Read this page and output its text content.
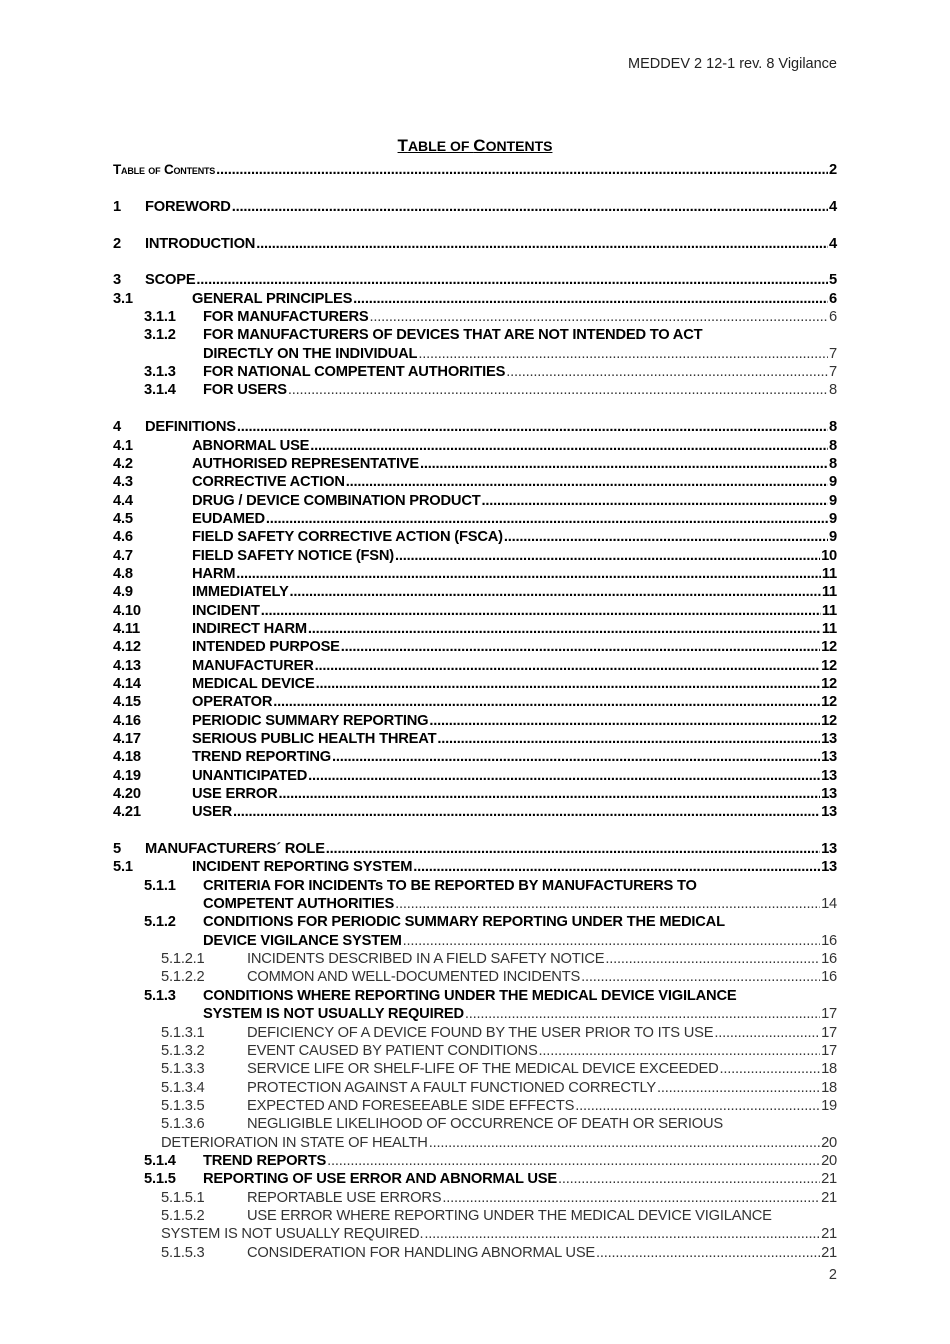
MEDDEV 2 12-1 rev. 8 Vigilance
TABLE OF CONTENTS
Table of Contents .....	2
1	FOREWORD .....	4
2	INTRODUCTION .....	4
3	SCOPE .....	5
3.1	GENERAL PRINCIPLES .....	6
3.1.1	FOR MANUFACTURERS .....	6
3.1.2	FOR MANUFACTURERS OF DEVICES THAT ARE NOT INTENDED TO ACT
DIRECTLY ON THE INDIVIDUAL .....	7
3.1.3	FOR NATIONAL COMPETENT AUTHORITIES .....	7
3.1.4	FOR USERS .....	8
4	DEFINITIONS .....	8
4.1	ABNORMAL USE .....	8
4.2	AUTHORISED REPRESENTATIVE .....	8
4.3	CORRECTIVE ACTION .....	9
4.4	DRUG / DEVICE COMBINATION PRODUCT .....	9
4.5	EUDAMED .....	9
4.6	FIELD SAFETY CORRECTIVE ACTION (FSCA) .....	9
4.7	FIELD SAFETY NOTICE (FSN) .....	10
4.8	HARM .....	11
4.9	IMMEDIATELY .....	11
4.10	INCIDENT .....	11
4.11	INDIRECT HARM .....	11
4.12	INTENDED PURPOSE .....	12
4.13	MANUFACTURER .....	12
4.14	MEDICAL DEVICE .....	12
4.15	OPERATOR .....	12
4.16	PERIODIC SUMMARY REPORTING .....	12
4.17	SERIOUS PUBLIC HEALTH THREAT .....	13
4.18	TREND REPORTING .....	13
4.19	UNANTICIPATED .....	13
4.20	USE ERROR .....	13
4.21	USER .....	13
5	MANUFACTURERS´ ROLE .....	13
5.1	INCIDENT REPORTING SYSTEM .....	13
5.1.1	CRITERIA FOR INCIDENTs TO BE REPORTED BY MANUFACTURERS TO
COMPETENT AUTHORITIES .....	14
5.1.2	CONDITIONS FOR PERIODIC SUMMARY REPORTING UNDER THE MEDICAL
DEVICE VIGILANCE SYSTEM .....	16
5.1.2.1	INCIDENTS DESCRIBED IN A FIELD SAFETY NOTICE .....	16
5.1.2.2	COMMON AND WELL-DOCUMENTED INCIDENTS .....	16
5.1.3	CONDITIONS WHERE REPORTING UNDER THE MEDICAL DEVICE VIGILANCE
SYSTEM IS NOT USUALLY REQUIRED .....	17
5.1.3.1	DEFICIENCY OF A DEVICE FOUND BY THE USER PRIOR TO ITS USE .....	17
5.1.3.2	EVENT CAUSED BY PATIENT CONDITIONS .....	17
5.1.3.3	SERVICE LIFE OR SHELF-LIFE OF THE MEDICAL DEVICE EXCEEDED .....	18
5.1.3.4	PROTECTION AGAINST A FAULT FUNCTIONED CORRECTLY .....	18
5.1.3.5	EXPECTED AND FORESEEABLE SIDE EFFECTS .....	19
5.1.3.6	NEGLIGIBLE LIKELIHOOD OF OCCURRENCE OF DEATH OR SERIOUS
DETERIORATION IN STATE OF HEALTH .....	20
5.1.4	TREND REPORTS .....	20
5.1.5	REPORTING OF USE ERROR AND ABNORMAL USE .....	21
5.1.5.1	REPORTABLE USE ERRORS .....	21
5.1.5.2	USE ERROR WHERE REPORTING UNDER THE MEDICAL DEVICE VIGILANCE
SYSTEM IS NOT USUALLY REQUIRED. .....	21
5.1.5.3	CONSIDERATION FOR HANDLING ABNORMAL USE .....	21
2
